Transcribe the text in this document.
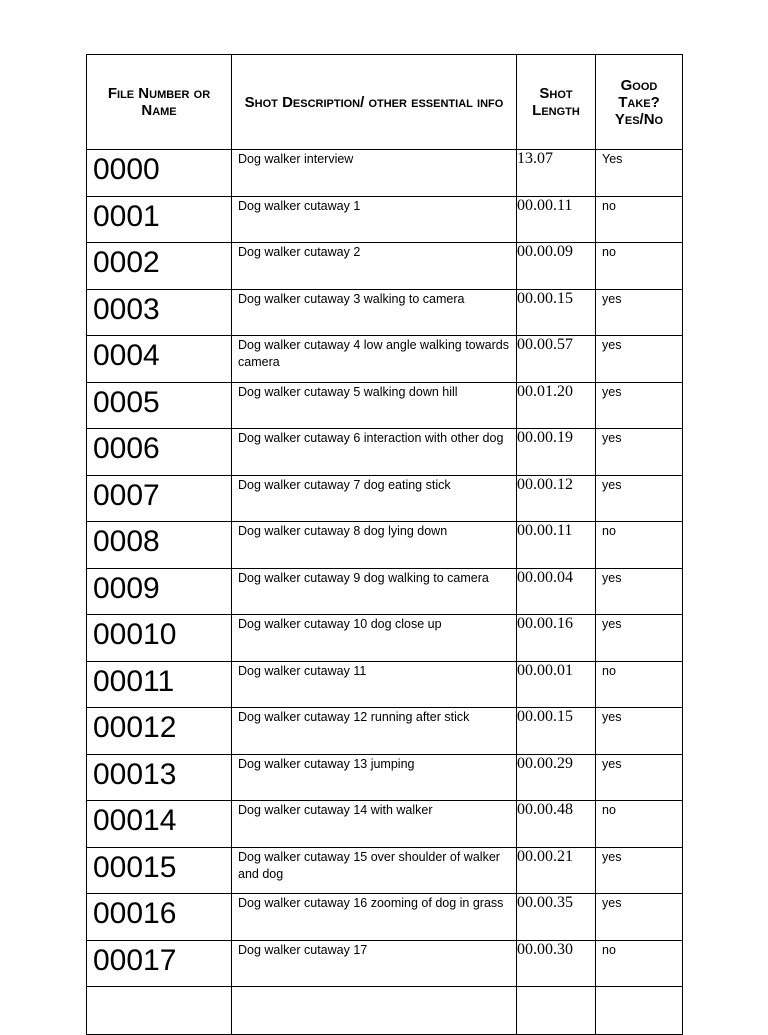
File Number or Name	Shot Description/ other essential info	Shot Length	Good Take? Yes/No
0000	Dog walker interview	13.07	Yes
0001	Dog walker cutaway 1	00.00.11	no
0002	Dog walker cutaway 2	00.00.09	no
0003	Dog walker cutaway 3 walking to camera	00.00.15	yes
0004	Dog walker cutaway 4 low angle walking towards camera	00.00.57	yes
0005	Dog walker cutaway 5 walking down hill	00.01.20	yes
0006	Dog walker cutaway 6 interaction with other dog	00.00.19	yes
0007	Dog walker cutaway 7 dog eating stick	00.00.12	yes
0008	Dog walker cutaway 8 dog lying down	00.00.11	no
0009	Dog walker cutaway 9 dog walking to camera	00.00.04	yes
00010	Dog walker cutaway 10 dog close up	00.00.16	yes
00011	Dog walker cutaway 11	00.00.01	no
00012	Dog walker cutaway 12 running after stick	00.00.15	yes
00013	Dog walker cutaway 13 jumping	00.00.29	yes
00014	Dog walker cutaway 14 with walker	00.00.48	no
00015	Dog walker cutaway 15 over shoulder of walker and dog	00.00.21	yes
00016	Dog walker cutaway 16 zooming of dog in grass	00.00.35	yes
00017	Dog walker cutaway 17	00.00.30	no
